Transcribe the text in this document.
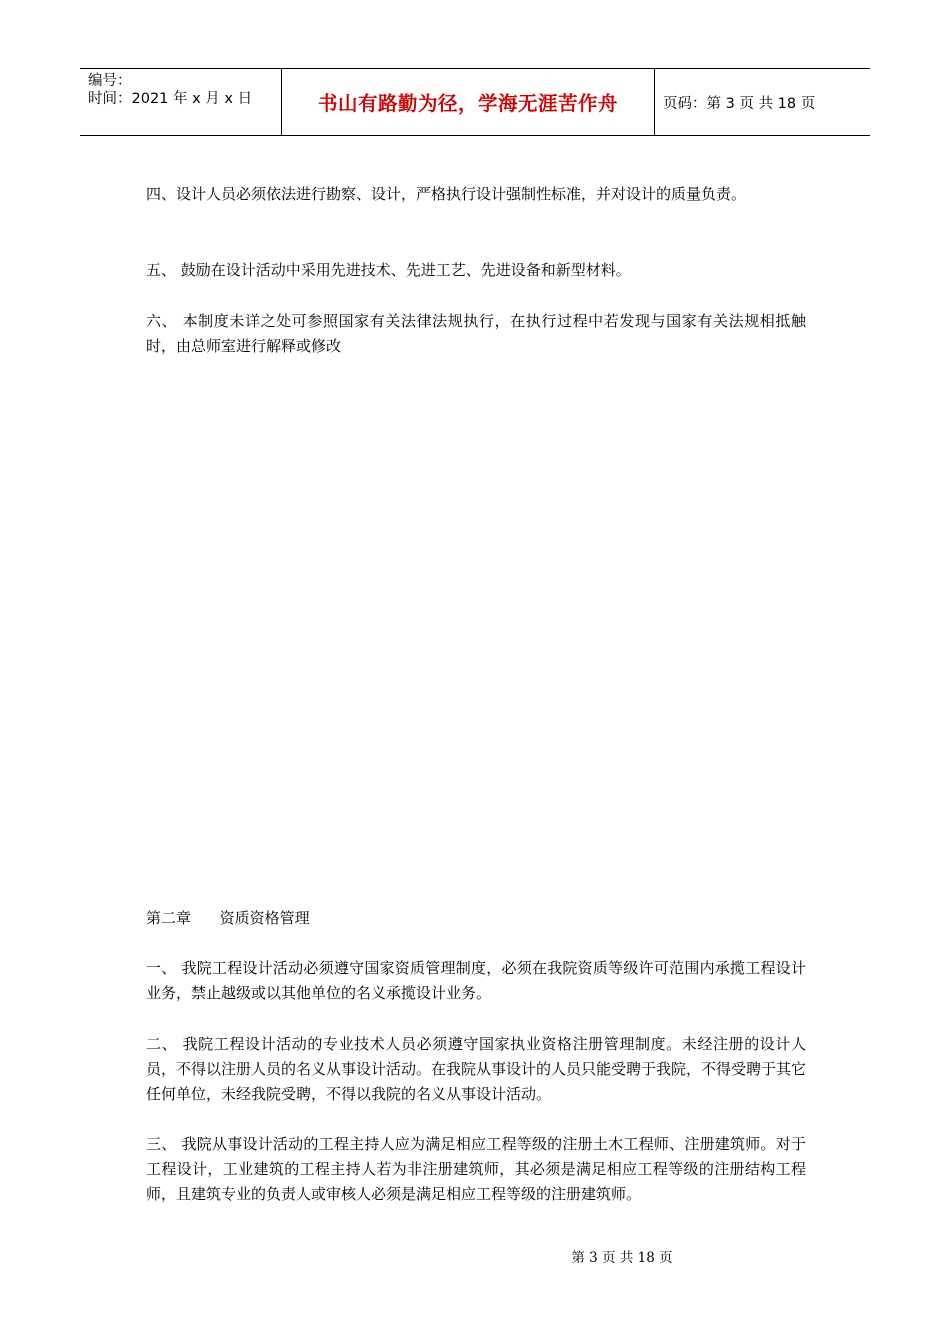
编号：
时间：2021 年 x 月 x 日	书山有路勤为径，学海无涯苦作舟	页码：第 3 页 共 18 页

四、设计人员必须依法进行勘察、设计，严格执行设计强制性标准，并对设计的质量负责。

五、 鼓励在设计活动中采用先进技术、先进工艺、先进设备和新型材料。

六、 本制度未详之处可参照国家有关法律法规执行，在执行过程中若发现与国家有关法规相抵触时，由总师室进行解释或修改

第二章      资质资格管理

一、 我院工程设计活动必须遵守国家资质管理制度，必须在我院资质等级许可范围内承揽工程设计业务，禁止越级或以其他单位的名义承揽设计业务。

二、 我院工程设计活动的专业技术人员必须遵守国家执业资格注册管理制度。未经注册的设计人员，不得以注册人员的名义从事设计活动。在我院从事设计的人员只能受聘于我院，不得受聘于其它任何单位，未经我院受聘，不得以我院的名义从事设计活动。

三、 我院从事设计活动的工程主持人应为满足相应工程等级的注册土木工程师、注册建筑师。对于工程设计，工业建筑的工程主持人若为非注册建筑师，其必须是满足相应工程等级的注册结构工程师，且建筑专业的负责人或审核人必须是满足相应工程等级的注册建筑师。

第 3 页 共 18 页
